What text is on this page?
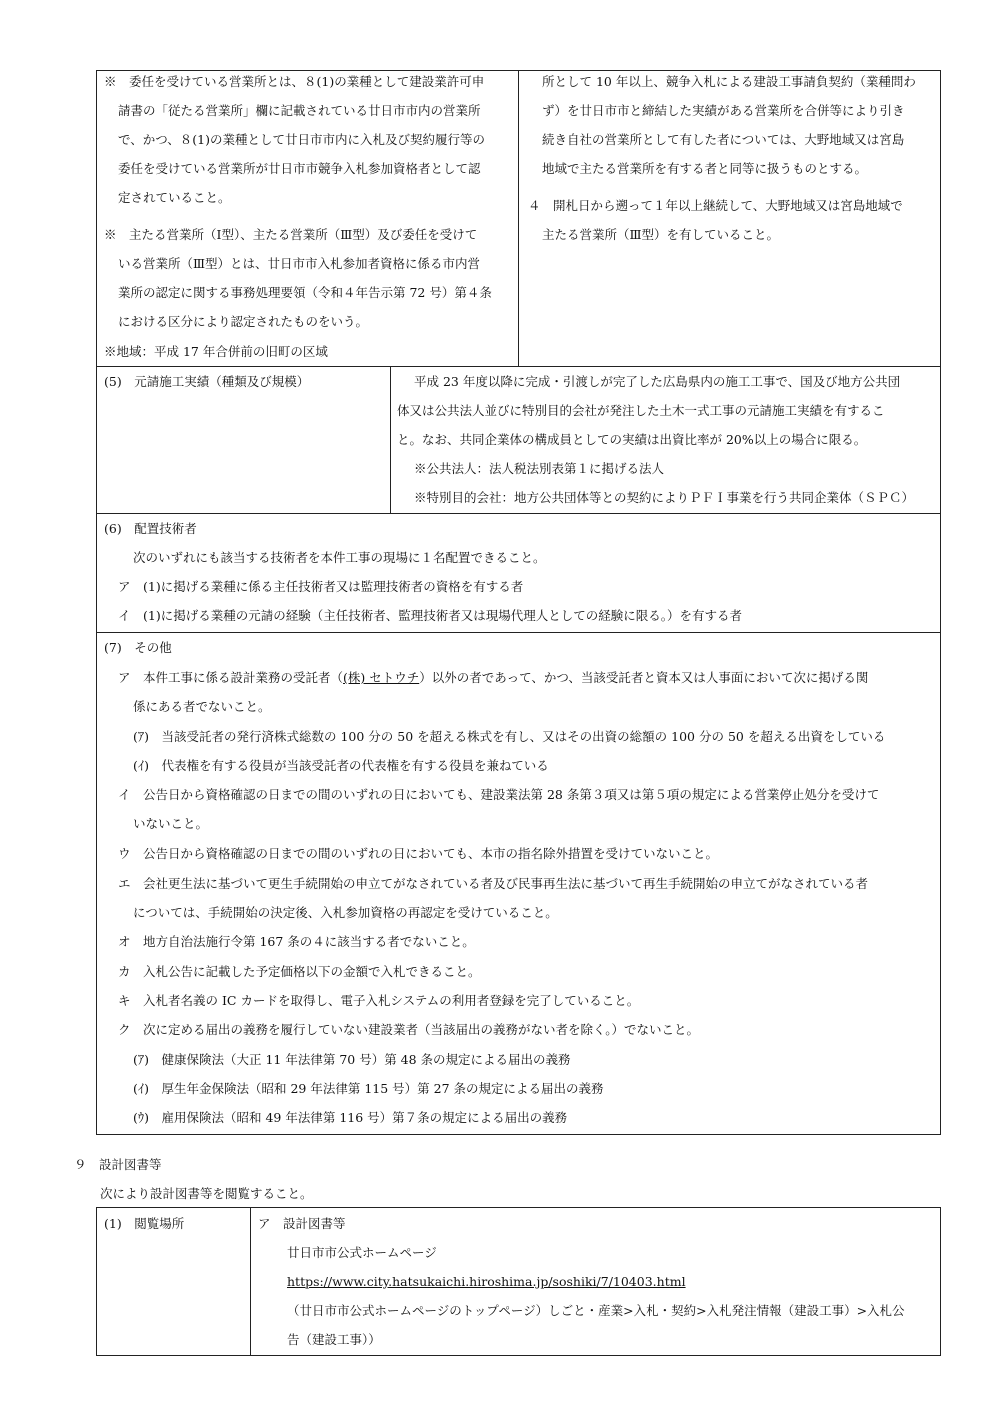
※　委任を受けている営業所とは、８(1)の業種として建設業許可申
請書の「従たる営業所」欄に記載されている廿日市市内の営業所
で、かつ、８(1)の業種として廿日市市内に入札及び契約履行等の
委任を受けている営業所が廿日市市競争入札参加資格者として認
定されていること。
※　主たる営業所（Ⅰ型）、主たる営業所（Ⅲ型）及び委任を受けて
いる営業所（Ⅲ型）とは、廿日市市入札参加者資格に係る市内営
業所の認定に関する事務処理要領（令和４年告示第 72 号）第４条
における区分により認定されたものをいう。
※地域：平成 17 年合併前の旧町の区域
所として 10 年以上、競争入札による建設工事請負契約（業種問わ
ず）を廿日市市と締結した実績がある営業所を合併等により引き
続き自社の営業所として有した者については、大野地域又は宮島
地域で主たる営業所を有する者と同等に扱うものとする。
４　開札日から遡って１年以上継続して、大野地域又は宮島地域で
主たる営業所（Ⅲ型）を有していること。
(5)　元請施工実績（種類及び規模）	平成 23 年度以降に完成・引渡しが完了した広島県内の施工工事で、国及び地方公共団
体又は公共法人並びに特別目的会社が発注した土木一式工事の元請施工実績を有するこ
と。なお、共同企業体の構成員としての実績は出資比率が 20%以上の場合に限る。
※公共法人：法人税法別表第１に掲げる法人
※特別目的会社：地方公共団体等との契約によりＰＦＩ事業を行う共同企業体（ＳＰＣ）
(6)　配置技術者
次のいずれにも該当する技術者を本件工事の現場に１名配置できること。
ア　(1)に掲げる業種に係る主任技術者又は監理技術者の資格を有する者
イ　(1)に掲げる業種の元請の経験（主任技術者、監理技術者又は現場代理人としての経験に限る。）を有する者
(7)　その他
ア　本件工事に係る設計業務の受託者（(株) セトウチ）以外の者であって、かつ、当該受託者と資本又は人事面において次に掲げる関
係にある者でないこと。
(ｱ)　当該受託者の発行済株式総数の 100 分の 50 を超える株式を有し、又はその出資の総額の 100 分の 50 を超える出資をしている
(ｲ)　代表権を有する役員が当該受託者の代表権を有する役員を兼ねている
イ　公告日から資格確認の日までの間のいずれの日においても、建設業法第 28 条第３項又は第５項の規定による営業停止処分を受けて
いないこと。
ウ　公告日から資格確認の日までの間のいずれの日においても、本市の指名除外措置を受けていないこと。
エ　会社更生法に基づいて更生手続開始の申立てがなされている者及び民事再生法に基づいて再生手続開始の申立てがなされている者
については、手続開始の決定後、入札参加資格の再認定を受けていること。
オ　地方自治法施行令第 167 条の４に該当する者でないこと。
カ　入札公告に記載した予定価格以下の金額で入札できること。
キ　入札者名義の IC カードを取得し、電子入札システムの利用者登録を完了していること。
ク　次に定める届出の義務を履行していない建設業者（当該届出の義務がない者を除く。）でないこと。
(ｱ)　健康保険法（大正 11 年法律第 70 号）第 48 条の規定による届出の義務
(ｲ)　厚生年金保険法（昭和 29 年法律第 115 号）第 27 条の規定による届出の義務
(ｳ)　雇用保険法（昭和 49 年法律第 116 号）第７条の規定による届出の義務
９　設計図書等
次により設計図書等を閲覧すること。
(1)　閲覧場所	ア　設計図書等
廿日市市公式ホームページ
https://www.city.hatsukaichi.hiroshima.jp/soshiki/7/10403.html
（廿日市市公式ホームページのトップページ）しごと・産業>入札・契約>入札発注情報（建設工事）>入札公
告（建設工事））
